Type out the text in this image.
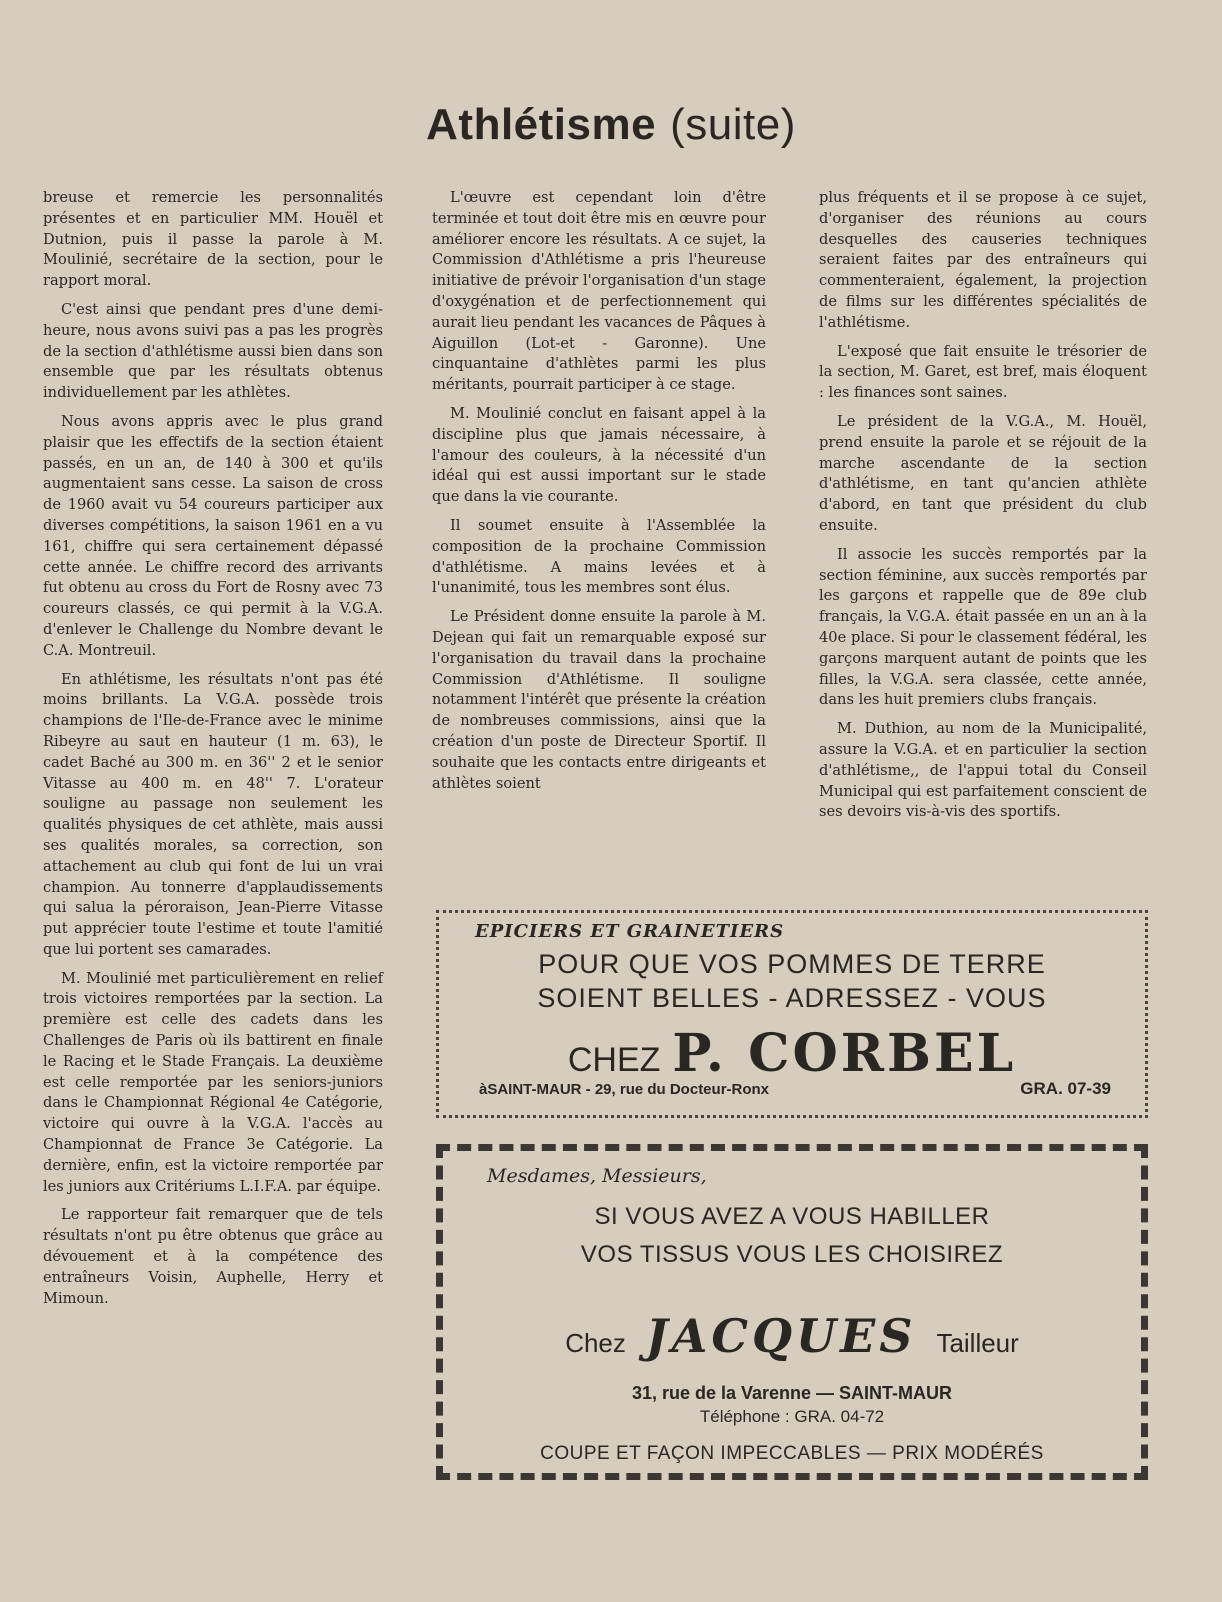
Athlétisme (suite)

breuse et remercie les personnalités présentes et en particulier MM. Houël et Dutnion, puis il passe la parole à M. Moulinié, secrétaire de la section, pour le rapport moral.

C'est ainsi que pendant pres d'une demi-heure, nous avons suivi pas a pas les progrès de la section d'athlétisme aussi bien dans son ensemble que par les résultats obtenus individuellement par les athlètes.

Nous avons appris avec le plus grand plaisir que les effectifs de la section étaient passés, en un an, de 140 à 300 et qu'ils augmentaient sans cesse. La saison de cross de 1960 avait vu 54 coureurs participer aux diverses compétitions, la saison 1961 en a vu 161, chiffre qui sera certainement dépassé cette année. Le chiffre record des arrivants fut obtenu au cross du Fort de Rosny avec 73 coureurs classés, ce qui permit à la V.G.A. d'enlever le Challenge du Nombre devant le C.A. Montreuil.

En athlétisme, les résultats n'ont pas été moins brillants. La V.G.A. possède trois champions de l'Ile-de-France avec le minime Ribeyre au saut en hauteur (1 m. 63), le cadet Baché au 300 m. en 36'' 2 et le senior Vitasse au 400 m. en 48'' 7. L'orateur souligne au passage non seulement les qualités physiques de cet athlète, mais aussi ses qualités morales, sa correction, son attachement au club qui font de lui un vrai champion. Au tonnerre d'applaudissements qui salua la péroraison, Jean-Pierre Vitasse put apprécier toute l'estime et toute l'amitié que lui portent ses camarades.

M. Moulinié met particulièrement en relief trois victoires remportées par la section. La première est celle des cadets dans les Challenges de Paris où ils battirent en finale le Racing et le Stade Français. La deuxième est celle remportée par les seniors-juniors dans le Championnat Régional 4e Catégorie, victoire qui ouvre à la V.G.A. l'accès au Championnat de France 3e Catégorie. La dernière, enfin, est la victoire remportée par les juniors aux Critériums L.I.F.A. par équipe.

Le rapporteur fait remarquer que de tels résultats n'ont pu être obtenus que grâce au dévouement et à la compétence des entraîneurs Voisin, Auphelle, Herry et Mimoun.

L'œuvre est cependant loin d'être terminée et tout doit être mis en œuvre pour améliorer encore les résultats. A ce sujet, la Commission d'Athlétisme a pris l'heureuse initiative de prévoir l'organisation d'un stage d'oxygénation et de perfectionnement qui aurait lieu pendant les vacances de Pâques à Aiguillon (Lot-et - Garonne). Une cinquantaine d'athlètes parmi les plus méritants, pourrait participer à ce stage.

M. Moulinié conclut en faisant appel à la discipline plus que jamais nécessaire, à l'amour des couleurs, à la nécessité d'un idéal qui est aussi important sur le stade que dans la vie courante.

Il soumet ensuite à l'Assemblée la composition de la prochaine Commission d'athlétisme. A mains levées et à l'unanimité, tous les membres sont élus.

Le Président donne ensuite la parole à M. Dejean qui fait un remarquable exposé sur l'organisation du travail dans la prochaine Commission d'Athlétisme. Il souligne notamment l'intérêt que présente la création de nombreuses commissions, ainsi que la création d'un poste de Directeur Sportif. Il souhaite que les contacts entre dirigeants et athlètes soient

plus fréquents et il se propose à ce sujet, d'organiser des réunions au cours desquelles des causeries techniques seraient faites par des entraîneurs qui commenteraient, également, la projection de films sur les différentes spécialités de l'athlétisme.

L'exposé que fait ensuite le trésorier de la section, M. Garet, est bref, mais éloquent : les finances sont saines.

Le président de la V.G.A., M. Houël, prend ensuite la parole et se réjouit de la marche ascendante de la section d'athlétisme, en tant qu'ancien athlète d'abord, en tant que président du club ensuite.

Il associe les succès remportés par la section féminine, aux succès remportés par les garçons et rappelle que de 89e club français, la V.G.A. était passée en un an à la 40e place. Si pour le classement fédéral, les garçons marquent autant de points que les filles, la V.G.A. sera classée, cette année, dans les huit premiers clubs français.

M. Duthion, au nom de la Municipalité, assure la V.G.A. et en particulier la section d'athlétisme,, de l'appui total du Conseil Municipal qui est parfaitement conscient de ses devoirs vis-à-vis des sportifs.

EPICIERS ET GRAINETIERS
POUR QUE VOS POMMES DE TERRE
SOIENT BELLES - ADRESSEZ - VOUS
CHEZ P. CORBEL
àSAINT-MAUR - 29, rue du Docteur-Ronx	GRA. 07-39
Mesdames, Messieurs,
SI VOUS AVEZ A VOUS HABILLER
VOS TISSUS VOUS LES CHOISIREZ
Chez JACQUES Tailleur
31, rue de la Varenne — SAINT-MAUR
Téléphone : GRA. 04-72
COUPE ET FAÇON IMPECCABLES — PRIX MODÉRÉS
